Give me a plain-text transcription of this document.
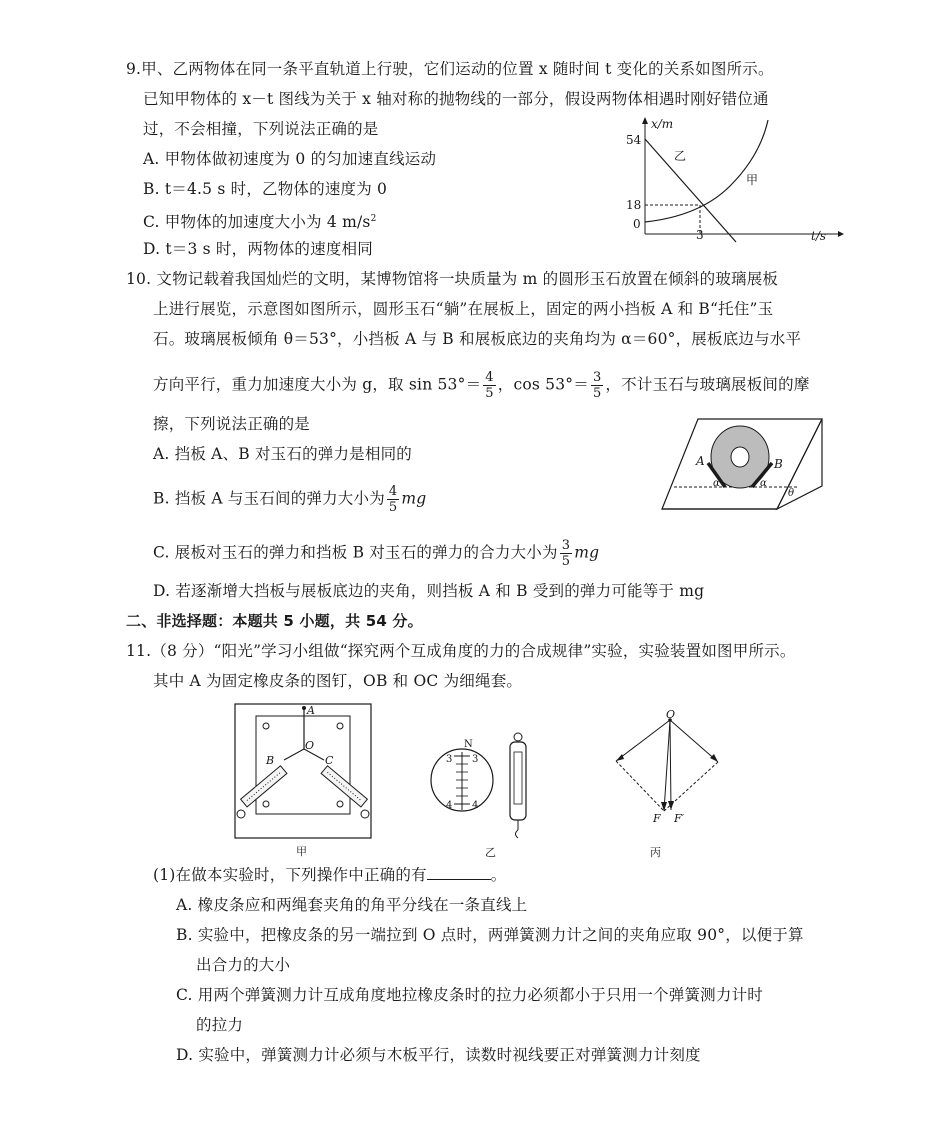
9.甲、乙两物体在同一条平直轨道上行驶，它们运动的位置 x 随时间 t 变化的关系如图所示。
已知甲物体的 x－t 图线为关于 x 轴对称的抛物线的一部分，假设两物体相遇时刚好错位通
过，不会相撞，下列说法正确的是
A. 甲物体做初速度为 0 的匀加速直线运动
B. t＝4.5 s 时，乙物体的速度为 0
C. 甲物体的加速度大小为 4 $m/s^2$
D. t＝3 s 时，两物体的速度相同
x/m
t/s
54
18
0
3
乙
甲
10. 文物记载着我国灿烂的文明，某博物馆将一块质量为 m 的圆形玉石放置在倾斜的玻璃展板
上进行展览，示意图如图所示，圆形玉石“躺”在展板上，固定的两小挡板 A 和 B“托住”玉
石。玻璃展板倾角 θ＝53°，小挡板 A 与 B 和展板底边的夹角均为 α＝60°，展板底边与水平
方向平行，重力加速度大小为 g，取 $\sin 53^\circ= \frac{4}{5}$ ，$\cos 53^\circ= \frac{3}{5}$ ，不计玉石与玻璃展板间的摩
擦，下列说法正确的是
A. 挡板 A、B 对玉石的弹力是相同的
B. 挡板 A 与玉石间的弹力大小为 $\frac{4}{5}$ mg
C. 展板对玉石的弹力和挡板 B 对玉石的弹力的合力大小为 $\frac{3}{5}$ mg
D. 若逐渐增大挡板与展板底边的夹角，则挡板 A 和 B 受到的弹力可能等于 mg
A	B
α	α
θ
二、非选择题：本题共 5 小题，共 54 分。
11.（8 分）“阳光”学习小组做“探究两个互成角度的力的合成规律”实验，实验装置如图甲所示。
其中 A 为固定橡皮条的图钉，OB 和 OC 为细绳套。
A
B
O
C
甲
3 3
4 4
N
乙
O
F F′
丙
(1)在做本实验时，下列操作中正确的有	。
A. 橡皮条应和两绳套夹角的角平分线在一条直线上
B. 实验中，把橡皮条的另一端拉到 O 点时，两弹簧测力计之间的夹角应取 90°，以便于算
出合力的大小
C. 用两个弹簧测力计互成角度地拉橡皮条时的拉力必须都小于只用一个弹簧测力计时
的拉力
D. 实验中，弹簧测力计必须与木板平行，读数时视线要正对弹簧测力计刻度
